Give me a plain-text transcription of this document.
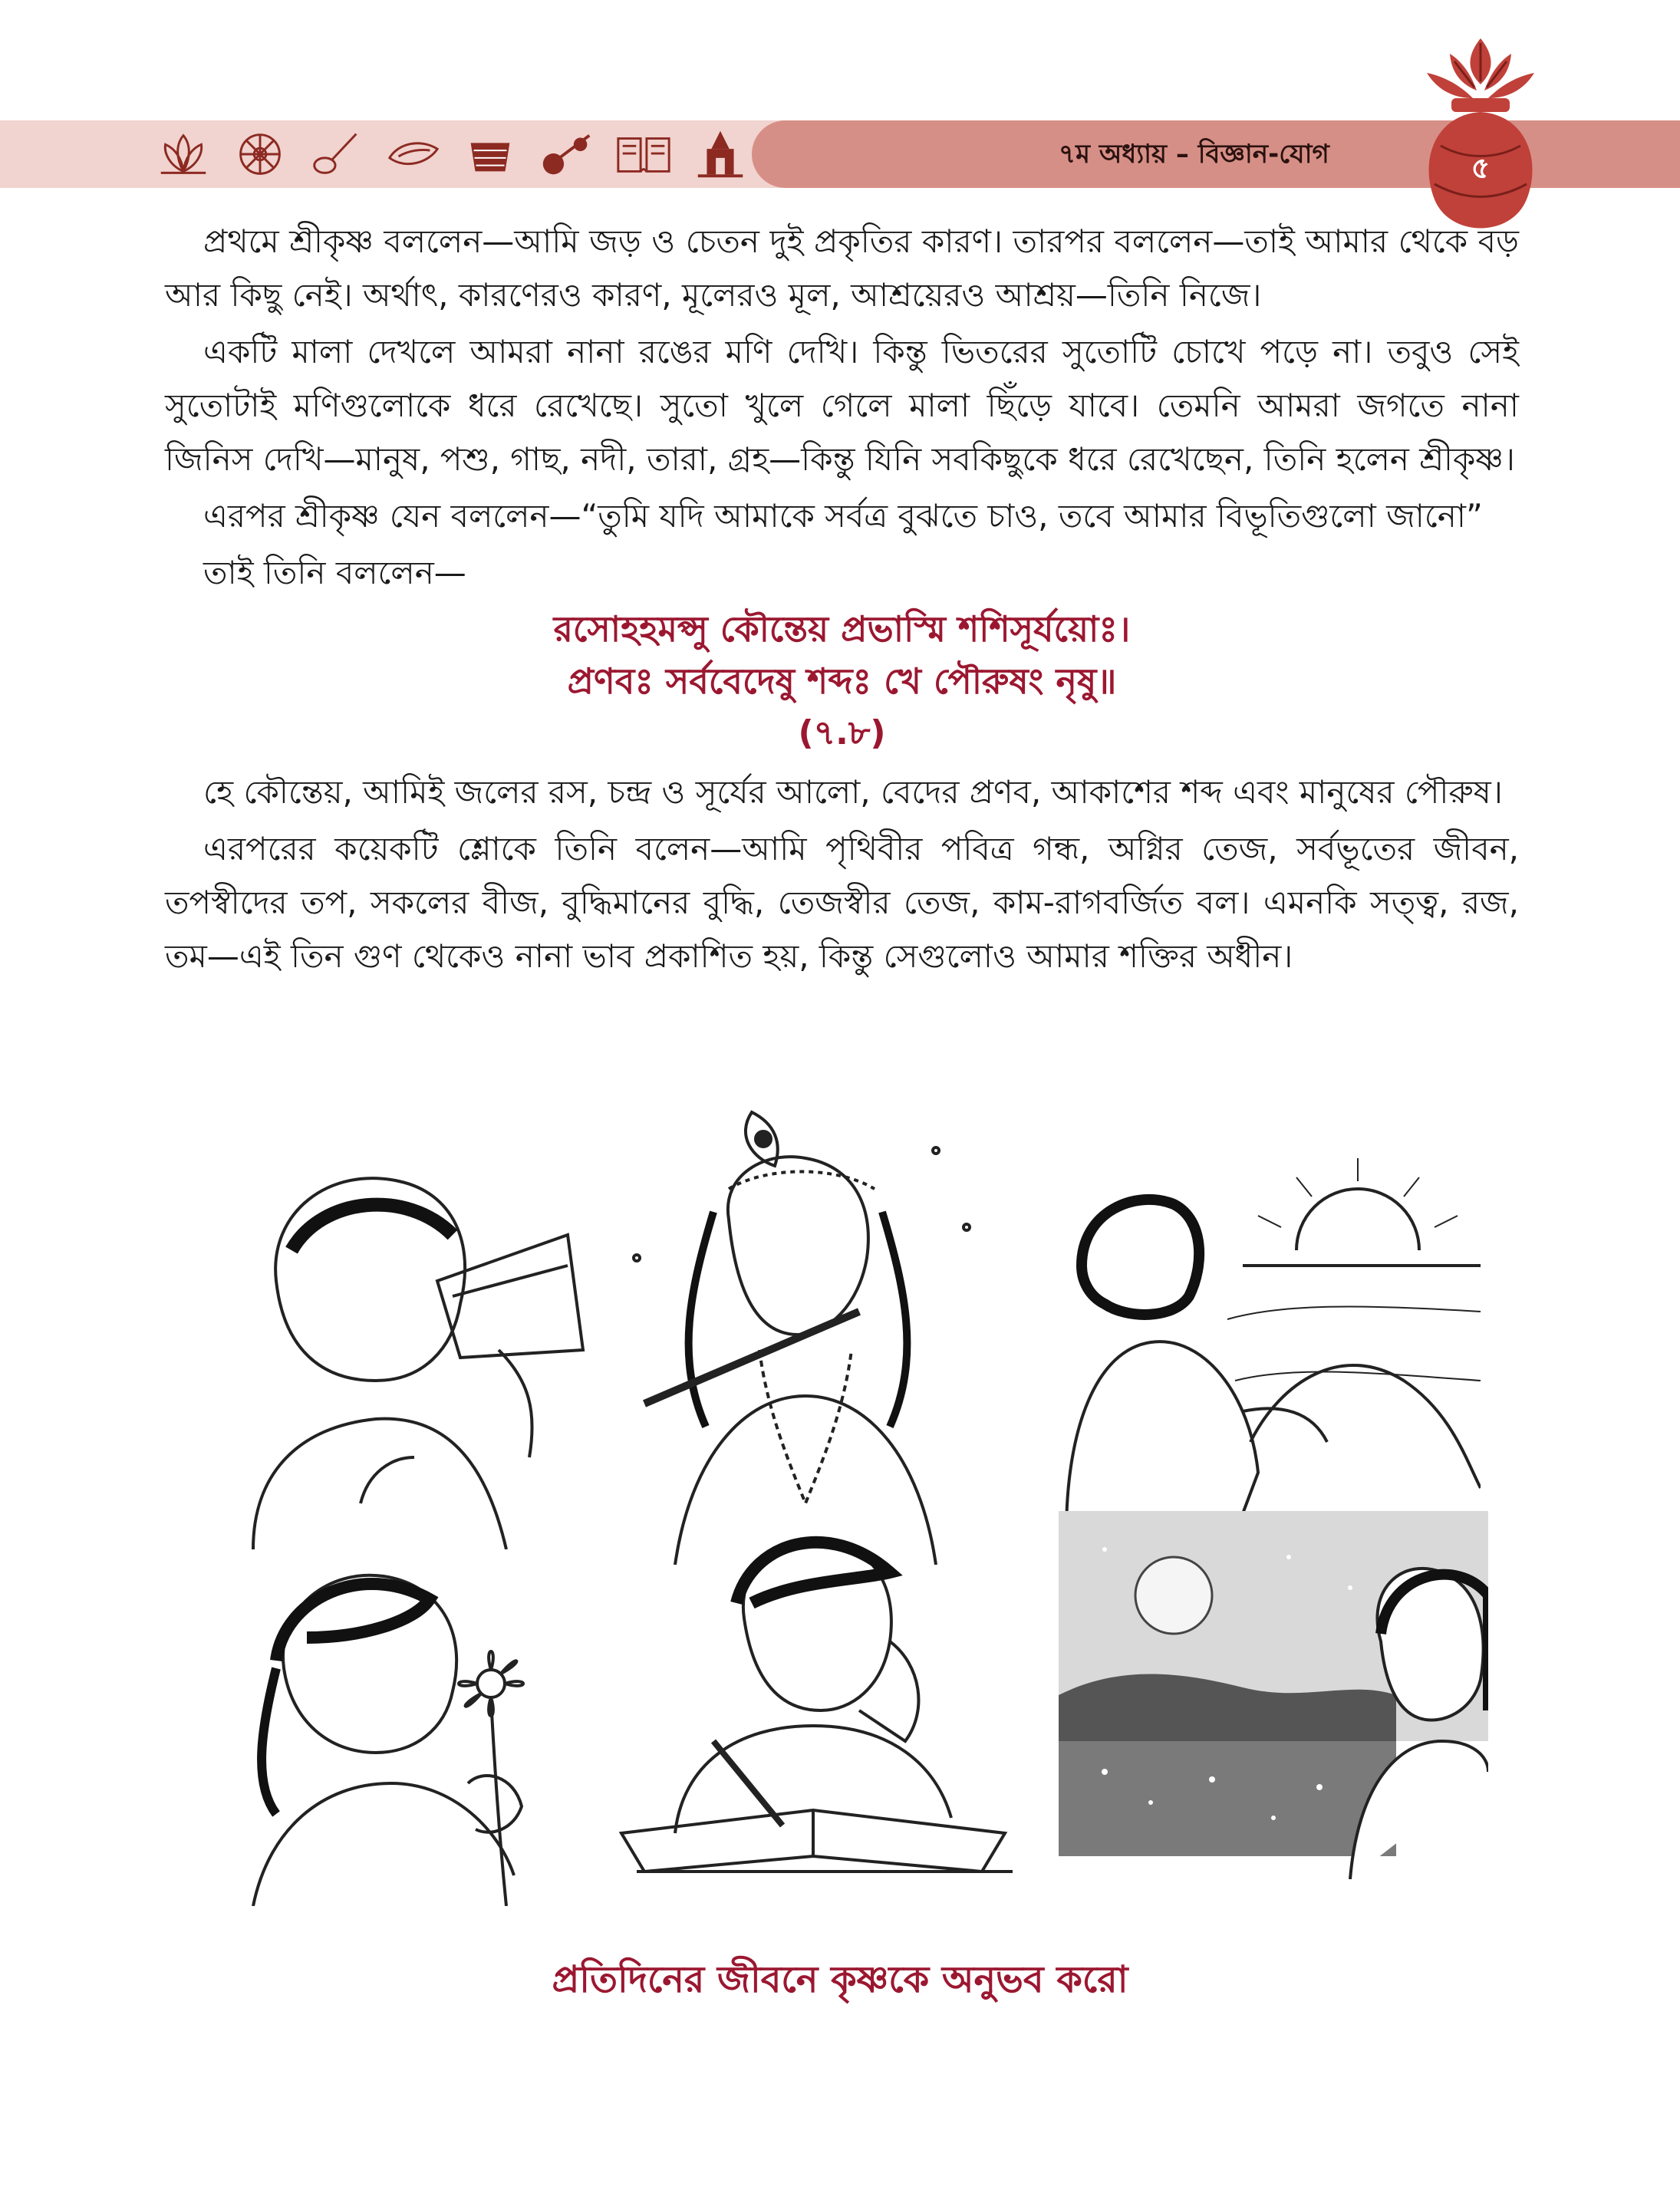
৭ম অধ্যায় – বিজ্ঞান-যোগ	৫

প্রথমে শ্রীকৃষ্ণ বললেন—আমি জড় ও চেতন দুই প্রকৃতির কারণ। তারপর বললেন—তাই আমার থেকে বড় আর কিছু নেই। অর্থাৎ, কারণেরও কারণ, মূলেরও মূল, আশ্রয়েরও আশ্রয়—তিনি নিজে।

একটি মালা দেখলে আমরা নানা রঙের মণি দেখি। কিন্তু ভিতরের সুতোটি চোখে পড়ে না। তবুও সেই সুতোটাই মণিগুলোকে ধরে রেখেছে। সুতো খুলে গেলে মালা ছিঁড়ে যাবে। তেমনি আমরা জগতে নানা জিনিস দেখি—মানুষ, পশু, গাছ, নদী, তারা, গ্রহ—কিন্তু যিনি সবকিছুকে ধরে রেখেছেন, তিনি হলেন শ্রীকৃষ্ণ।

এরপর শ্রীকৃষ্ণ যেন বললেন—“তুমি যদি আমাকে সর্বত্র বুঝতে চাও, তবে আমার বিভূতিগুলো জানো”

তাই তিনি বললেন—

রসোহহমপ্সু কৌন্তেয় প্রভাস্মি শশিসূর্যয়োঃ।

প্রণবঃ সর্ববেদেষু শব্দঃ খে পৌরুষং নৃষু॥

(৭.৮)

হে কৌন্তেয়, আমিই জলের রস, চন্দ্র ও সূর্যের আলো, বেদের প্রণব, আকাশের শব্দ এবং মানুষের পৌরুষ।

এরপরের কয়েকটি শ্লোকে তিনি বলেন—আমি পৃথিবীর পবিত্র গন্ধ, অগ্নির তেজ, সর্বভূতের জীবন, তপস্বীদের তপ, সকলের বীজ, বুদ্ধিমানের বুদ্ধি, তেজস্বীর তেজ, কাম-রাগবর্জিত বল। এমনকি সত্ত্ব, রজ, তম—এই তিন গুণ থেকেও নানা ভাব প্রকাশিত হয়, কিন্তু সেগুলোও আমার শক্তির অধীন।

প্রতিদিনের জীবনে কৃষ্ণকে অনুভব করো
